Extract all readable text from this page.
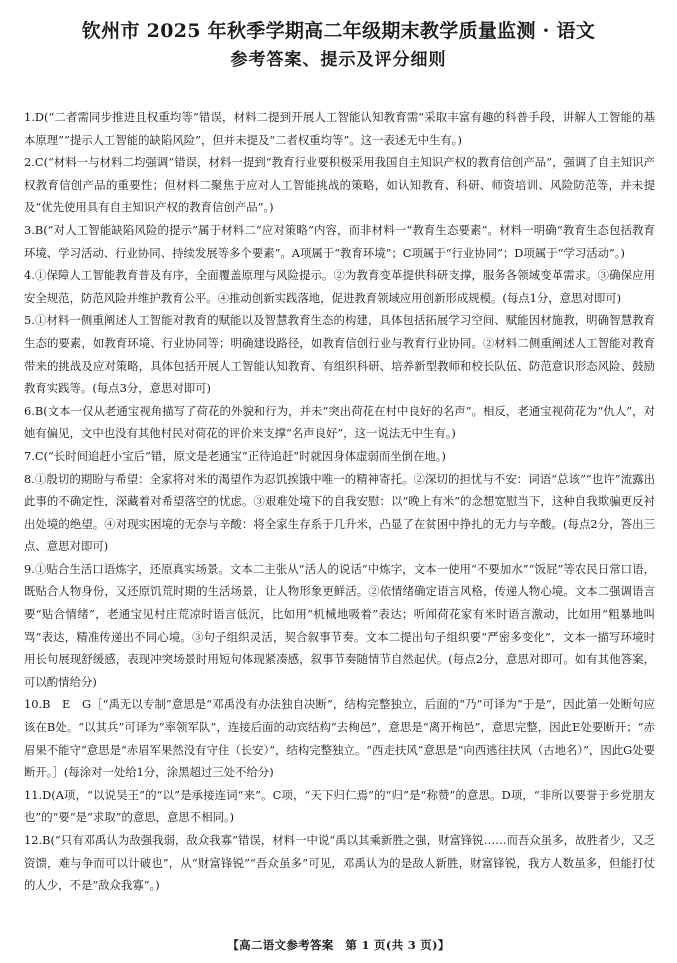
钦州市 2025 年秋季学期高二年级期末教学质量监测 · 语文
参考答案、提示及评分细则

1.D(“二者需同步推进且权重均等”错误，材料二提到开展人工智能认知教育需“采取丰富有趣的科普手段，讲解人工智能的基本原理”“提示人工智能的缺陷风险”，但并未提及“二者权重均等”。这一表述无中生有。)

2.C(“材料一与材料二均强调”错误，材料一提到“教育行业要积极采用我国自主知识产权的教育信创产品”，强调了自主知识产权教育信创产品的重要性；但材料二聚焦于应对人工智能挑战的策略，如认知教育、科研、师资培训、风险防范等，并未提及“优先使用具有自主知识产权的教育信创产品”。)

3.B(“对人工智能缺陷风险的提示”属于材料二“应对策略”内容，而非材料一“教育生态要素”。材料一明确“教育生态包括教育环境、学习活动、行业协同、持续发展等多个要素”。A项属于“教育环境”；C项属于“行业协同”；D项属于“学习活动”。)

4.①保障人工智能教育普及有序，全面覆盖原理与风险提示。②为教育变革提供科研支撑，服务各领域变革需求。③确保应用安全规范，防范风险并维护教育公平。④推动创新实践落地，促进教育领域应用创新形成规模。(每点1分，意思对即可)

5.①材料一侧重阐述人工智能对教育的赋能以及智慧教育生态的构建，具体包括拓展学习空间、赋能因材施教，明确智慧教育生态的要素，如教育环境、行业协同等；明确建设路径，如教育信创行业与教育行业协同。②材料二侧重阐述人工智能对教育带来的挑战及应对策略，具体包括开展人工智能认知教育、有组织科研、培养新型教师和校长队伍、防范意识形态风险、鼓励教育实践等。(每点3分，意思对即可)

6.B(文本一仅从老通宝视角描写了荷花的外貌和行为，并未“突出荷花在村中良好的名声”。相反，老通宝视荷花为“仇人”，对她有偏见，文中也没有其他村民对荷花的评价来支撑“名声良好”，这一说法无中生有。)

7.C(“长时间追赶小宝后”错，原文是老通宝“正待追赶”时就因身体虚弱而坐倒在地。)

8.①殷切的期盼与希望：全家将对米的渴望作为忍饥挨饿中唯一的精神寄托。②深切的担忧与不安：词语“总该”“也许”流露出此事的不确定性，深藏着对希望落空的忧虑。③艰难处境下的自我安慰：以“晚上有米”的念想宽慰当下，这种自我欺骗更反衬出处境的绝望。④对现实困境的无奈与辛酸：将全家生存系于几升米，凸显了在贫困中挣扎的无力与辛酸。(每点2分，答出三点、意思对即可)

9.①贴合生活口语炼字，还原真实场景。文本二主张从“活人的说话”中炼字，文本一使用“不要加水”“饭屁”等农民日常口语，既贴合人物身份，又还原饥荒时期的生活场景，让人物形象更鲜活。②依情绪确定语言风格，传递人物心境。文本二强调语言要“贴合情绪”，老通宝见村庄荒凉时语言低沉，比如用“机械地吸着”表达；听闻荷花家有米时语言激动，比如用“粗暴地叫骂”表达，精准传递出不同心境。③句子组织灵活，契合叙事节奏。文本二提出句子组织要“严密多变化”，文本一描写环境时用长句展现舒缓感，表现冲突场景时用短句体现紧凑感，叙事节奏随情节自然起伏。(每点2分，意思对即可。如有其他答案，可以酌情给分)

10.B　E　G［“禹无以专制”意思是“邓禹没有办法独自决断”，结构完整独立，后面的“乃”可译为“于是”，因此第一处断句应该在B处。“以其兵”可译为“率领军队”，连接后面的动宾结构“去栒邑”，意思是“离开栒邑”，意思完整，因此E处要断开；“赤眉果不能守”意思是“赤眉军果然没有守住（长安）”，结构完整独立。“西走扶风”意思是“向西逃往扶风（古地名）”，因此G处要断开。］(每涂对一处给1分，涂黑超过三处不给分)

11.D(A项，“以说吴王”的“以”是承接连词“来”。C项，“天下归仁焉”的“归”是“称赞”的意思。D项，“非所以要誉于乡党朋友也”的“要”是“求取”的意思，意思不相同。)

12.B(“只有邓禹认为敌强我弱，敌众我寡”错误，材料一中说“禹以其乘新胜之强，财富锋锐……而吾众虽多，故胜者少，又乏资馈，难与争而可以计破也”，从“财富锋锐”“吾众虽多”可见，邓禹认为的是敌人新胜，财富锋锐，我方人数虽多，但能打仗的人少，不是“敌众我寡”。)

【高二语文参考答案　第 1 页(共 3 页)】
